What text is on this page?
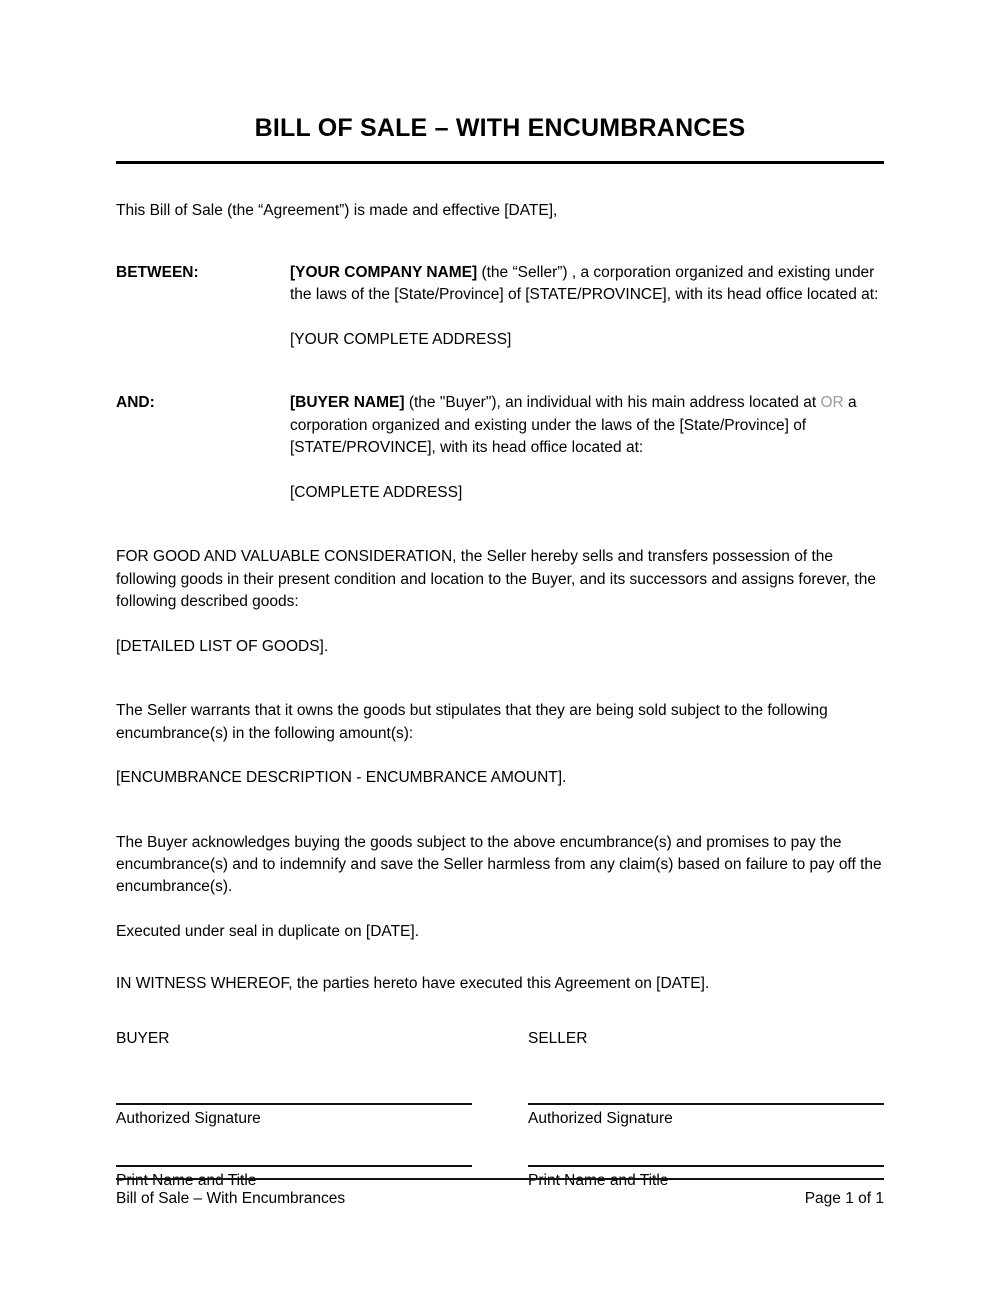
BILL OF SALE – WITH ENCUMBRANCES

This Bill of Sale (the “Agreement”) is made and effective [DATE],

BETWEEN:	[YOUR COMPANY NAME] (the “Seller”) , a corporation organized and existing under the laws of the [State/Province] of [STATE/PROVINCE], with its head office located at:
[YOUR COMPLETE ADDRESS]
AND:	[BUYER NAME] (the "Buyer"), an individual with his main address located at OR a corporation organized and existing under the laws of the [State/Province] of [STATE/PROVINCE], with its head office located at:
[COMPLETE ADDRESS]

FOR GOOD AND VALUABLE CONSIDERATION, the Seller hereby sells and transfers possession of the following goods in their present condition and location to the Buyer, and its successors and assigns forever, the following described goods:

[DETAILED LIST OF GOODS].

The Seller warrants that it owns the goods but stipulates that they are being sold subject to the following encumbrance(s) in the following amount(s):

[ENCUMBRANCE DESCRIPTION - ENCUMBRANCE AMOUNT].

The Buyer acknowledges buying the goods subject to the above encumbrance(s) and promises to pay the encumbrance(s) and to indemnify and save the Seller harmless from any claim(s) based on failure to pay off the encumbrance(s).

Executed under seal in duplicate on [DATE].

IN WITNESS WHEREOF, the parties hereto have executed this Agreement on [DATE].

BUYER	SELLER
Authorized Signature	Authorized Signature
Print Name and Title	Print Name and Title
Bill of Sale – With Encumbrances	Page 1 of 1
